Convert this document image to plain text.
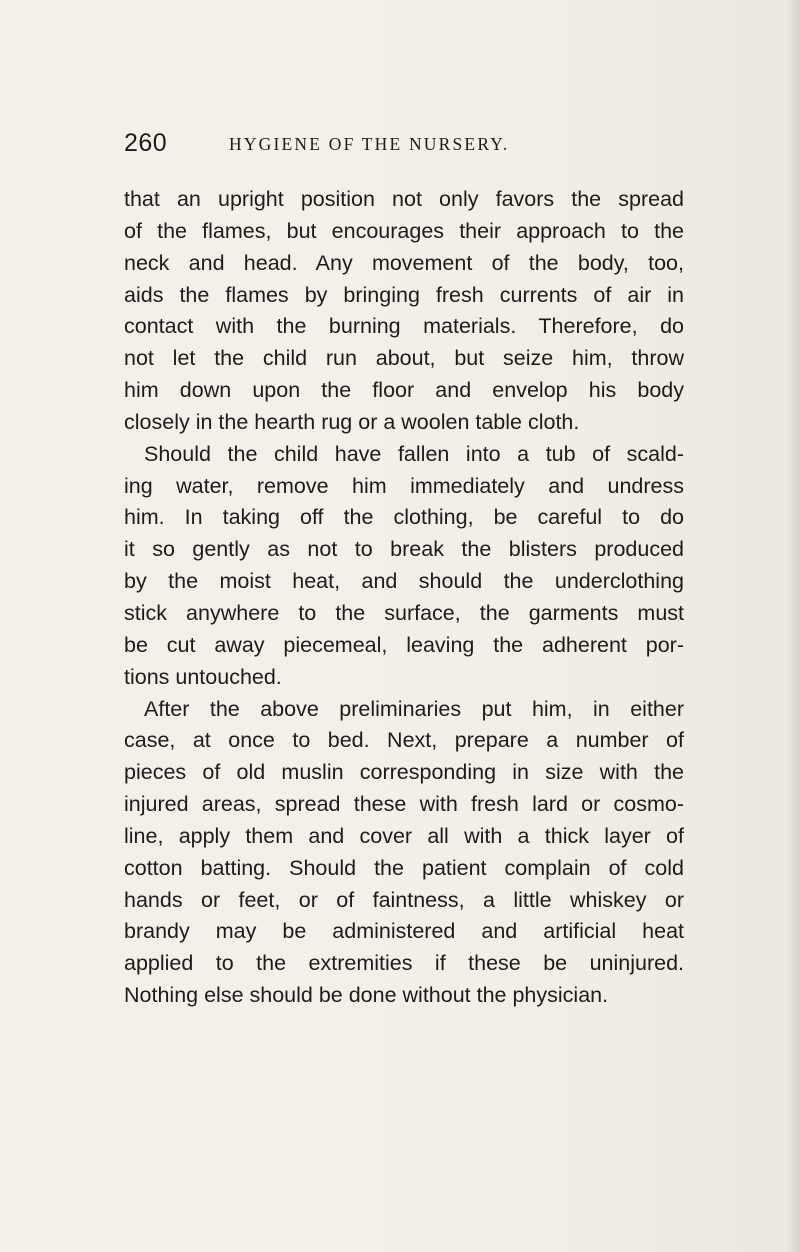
260	HYGIENE OF THE NURSERY.
that an upright position not only favors the spread
of the flames, but encourages their approach to the
neck and head. Any movement of the body, too,
aids the flames by bringing fresh currents of air in
contact with the burning materials. Therefore, do
not let the child run about, but seize him, throw
him down upon the floor and envelop his body
closely in the hearth rug or a woolen table cloth.
Should the child have fallen into a tub of scald-
ing water, remove him immediately and undress
him. In taking off the clothing, be careful to do
it so gently as not to break the blisters produced
by the moist heat, and should the underclothing
stick anywhere to the surface, the garments must
be cut away piecemeal, leaving the adherent por-
tions untouched.
After the above preliminaries put him, in either
case, at once to bed. Next, prepare a number of
pieces of old muslin corresponding in size with the
injured areas, spread these with fresh lard or cosmo-
line, apply them and cover all with a thick layer of
cotton batting. Should the patient complain of cold
hands or feet, or of faintness, a little whiskey or
brandy may be administered and artificial heat
applied to the extremities if these be uninjured.
Nothing else should be done without the physician.
